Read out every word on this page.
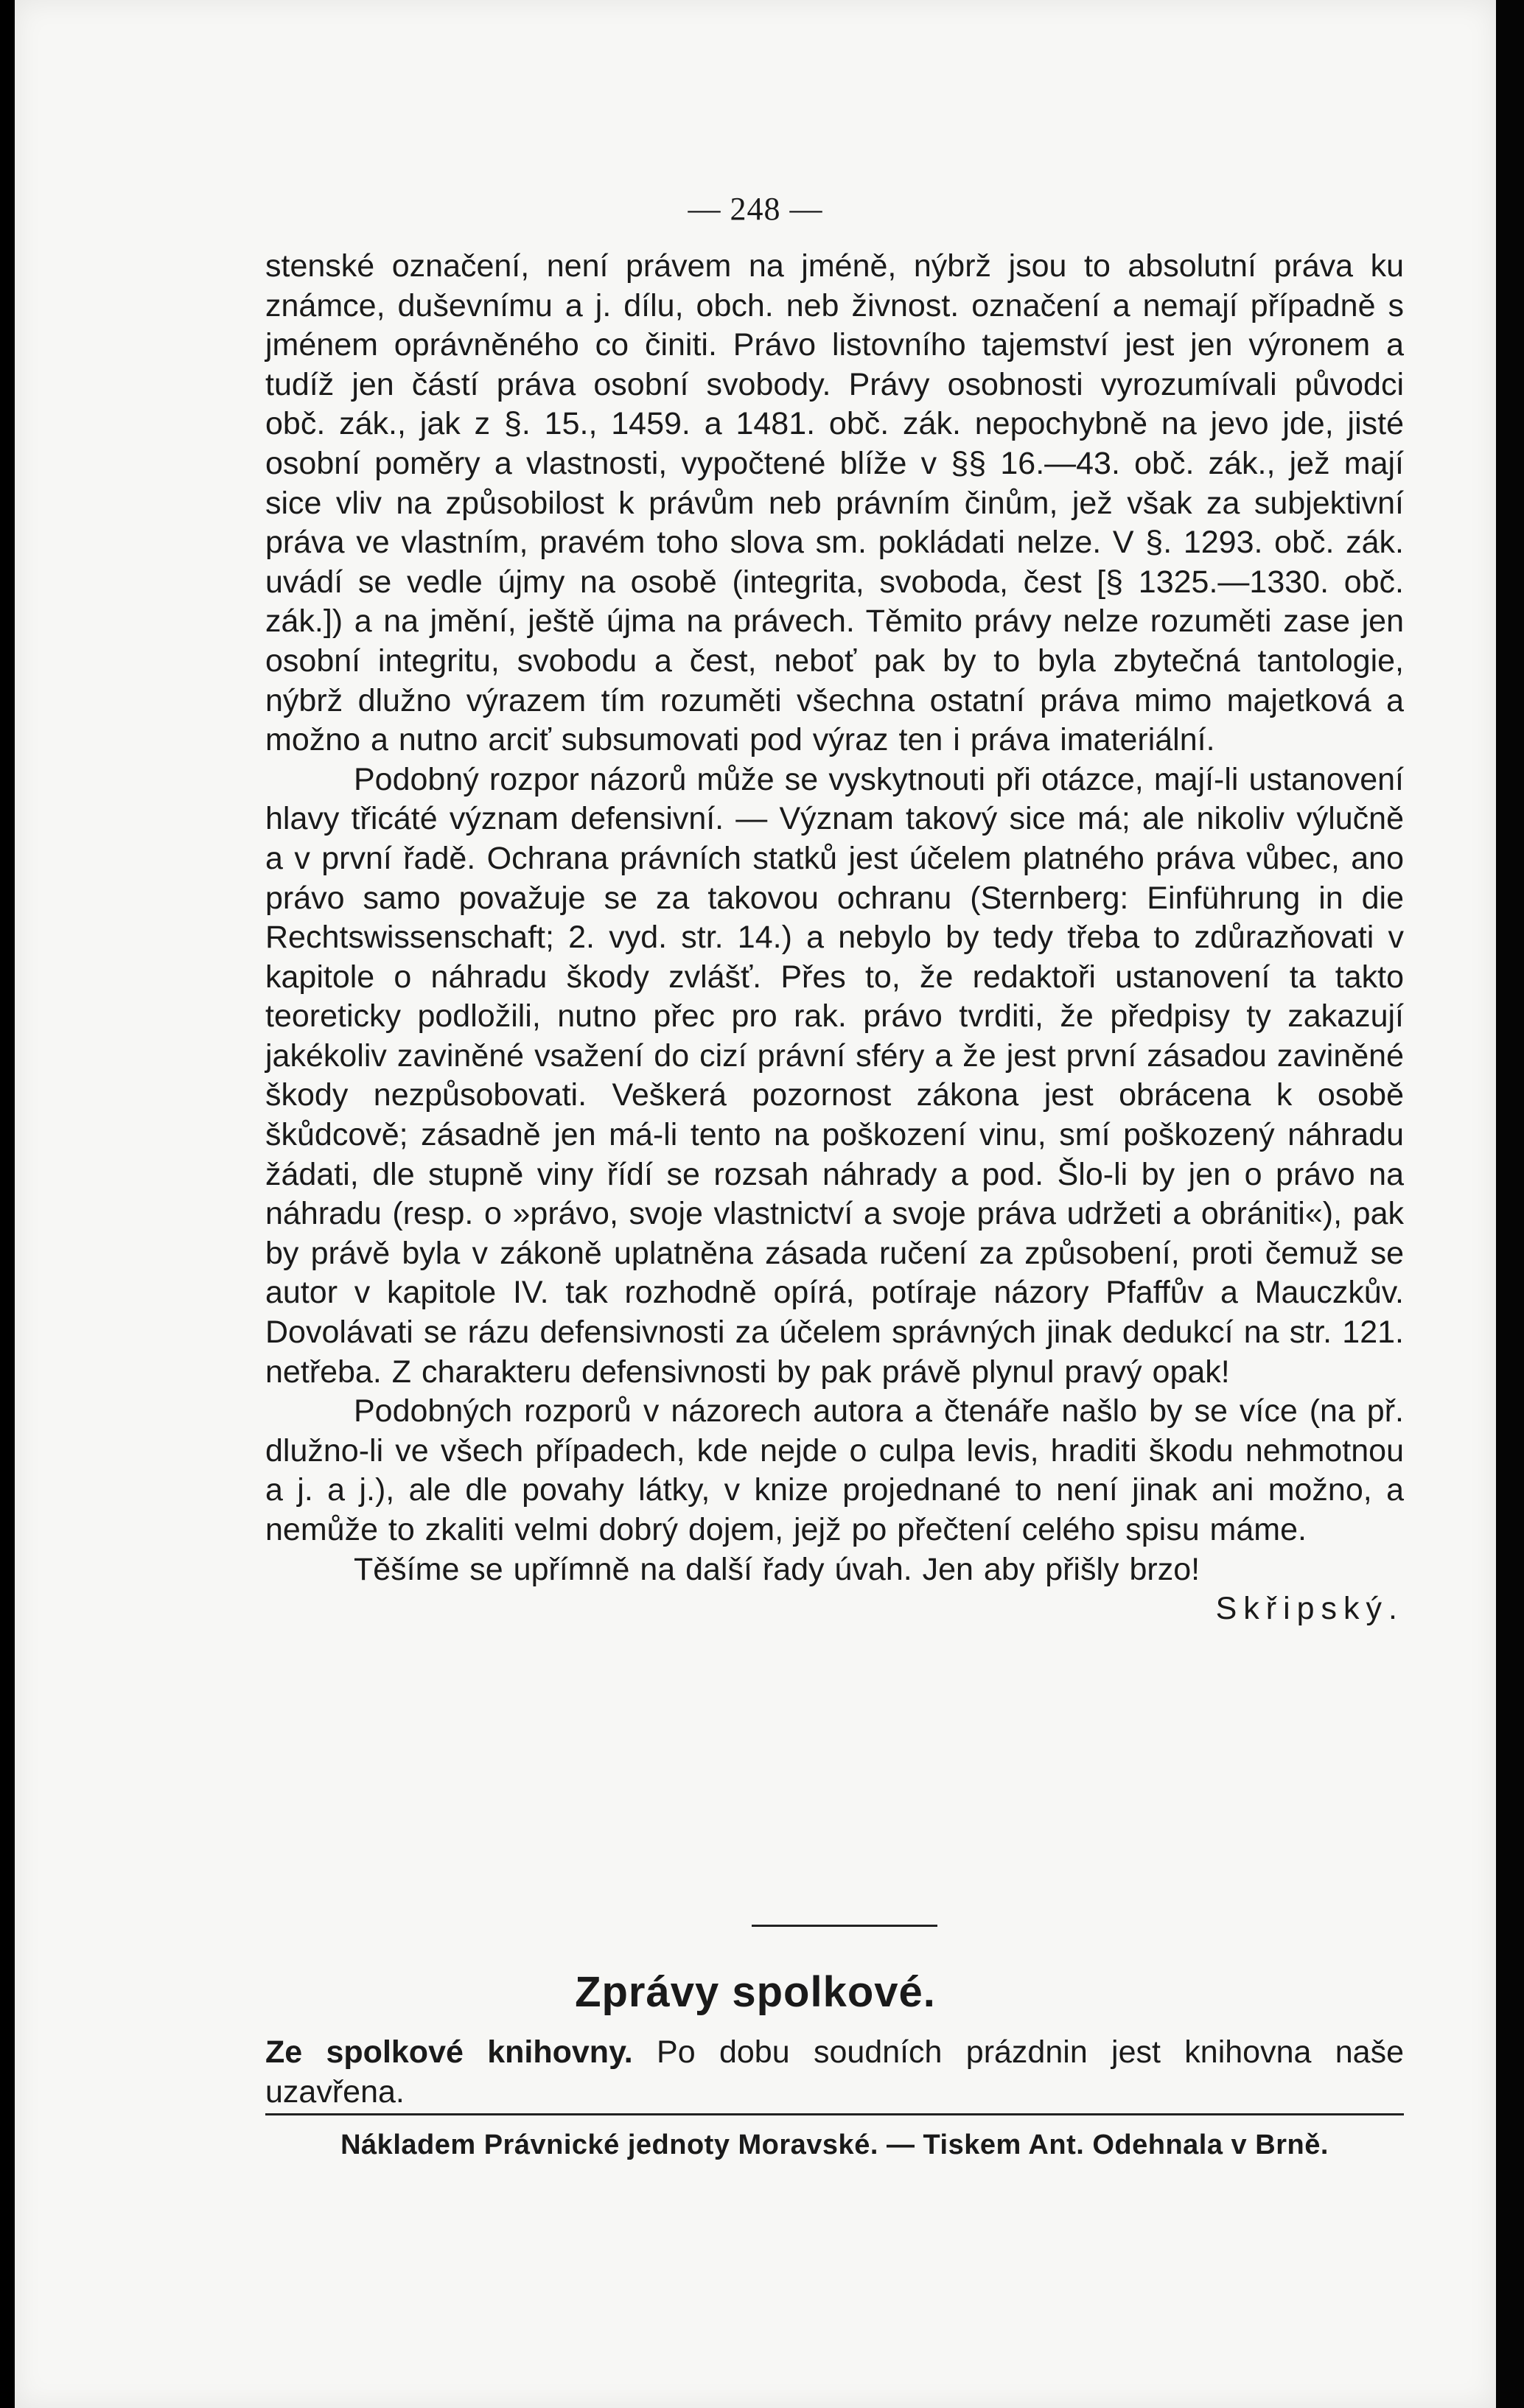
— 248 —

stenské označení, není právem na jméně, nýbrž jsou to absolutní práva ku známce, duševnímu a j. dílu, obch. neb živnost. označení a nemají případně s jménem oprávněného co činiti. Právo listovního tajemství jest jen výronem a tudíž jen částí práva osobní svobody. Právy osobnosti vyrozumívali původci obč. zák., jak z §. 15., 1459. a 1481. obč. zák. nepochybně na jevo jde, jisté osobní poměry a vlastnosti, vypočtené blíže v §§ 16.—43. obč. zák., jež mají sice vliv na způsobilost k právům neb právním činům, jež však za subjektivní práva ve vlastním, pravém toho slova sm. pokládati nelze. V §. 1293. obč. zák. uvádí se vedle újmy na osobě (integrita, svoboda, čest [§ 1325.—1330. obč. zák.]) a na jmění, ještě újma na právech. Těmito právy nelze rozuměti zase jen osobní integritu, svobodu a čest, neboť pak by to byla zbytečná tantologie, nýbrž dlužno výrazem tím rozuměti všechna ostatní práva mimo majetková a možno a nutno arciť subsumovati pod výraz ten i práva imateriální.

Podobný rozpor názorů může se vyskytnouti při otázce, mají-li ustanovení hlavy třicáté význam defensivní. — Význam takový sice má; ale nikoliv výlučně a v první řadě. Ochrana právních statků jest účelem platného práva vůbec, ano právo samo považuje se za takovou ochranu (Sternberg: Einführung in die Rechtswissenschaft; 2. vyd. str. 14.) a nebylo by tedy třeba to zdůrazňovati v kapitole o náhradu škody zvlášť. Přes to, že redaktoři ustanovení ta takto teoreticky podložili, nutno přec pro rak. právo tvrditi, že předpisy ty zakazují jakékoliv zaviněné vsažení do cizí právní sféry a že jest první zásadou zaviněné škody nezpůsobovati. Veškerá pozornost zákona jest obrácena k osobě škůdcově; zásadně jen má-li tento na poškození vinu, smí poškozený náhradu žádati, dle stupně viny řídí se rozsah náhrady a pod. Šlo-li by jen o právo na náhradu (resp. o »právo, svoje vlastnictví a svoje práva udržeti a obrániti«), pak by právě byla v zákoně uplatněna zásada ručení za způsobení, proti čemuž se autor v kapitole IV. tak rozhodně opírá, potíraje názory Pfaffův a Mauczkův. Dovolávati se rázu defensivnosti za účelem správných jinak dedukcí na str. 121. netřeba. Z charakteru defensivnosti by pak právě plynul pravý opak!

Podobných rozporů v názorech autora a čtenáře našlo by se více (na př. dlužno-li ve všech případech, kde nejde o culpa levis, hraditi škodu nehmotnou a j. a j.), ale dle povahy látky, v knize projednané to není jinak ani možno, a nemůže to zkaliti velmi dobrý dojem, jejž po přečtení celého spisu máme.

Těšíme se upřímně na další řady úvah. Jen aby přišly brzo!

Skřipský.

Zprávy spolkové.
Ze spolkové knihovny. Po dobu soudních prázdnin jest knihovna naše uzavřena.
Nákladem Právnické jednoty Moravské. — Tiskem Ant. Odehnala v Brně.
